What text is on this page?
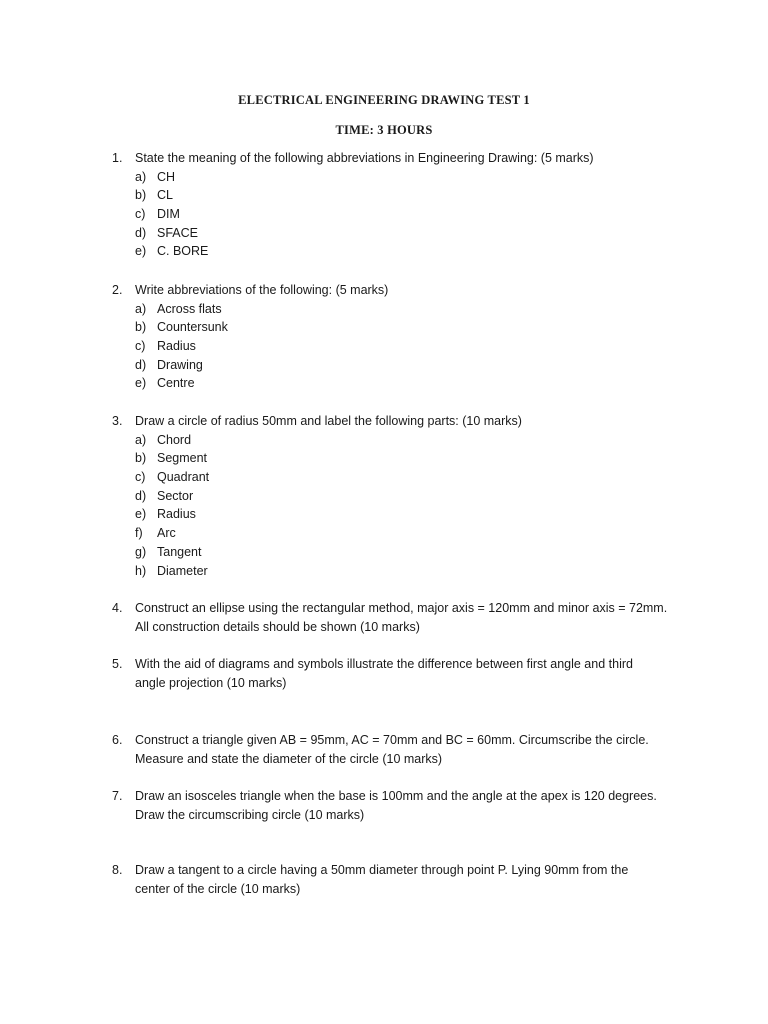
ELECTRICAL ENGINEERING DRAWING TEST 1
TIME: 3 HOURS
1. State the meaning of the following abbreviations in Engineering Drawing: (5 marks)
a) CH
b) CL
c) DIM
d) SFACE
e) C. BORE
2. Write abbreviations of the following: (5 marks)
a) Across flats
b) Countersunk
c) Radius
d) Drawing
e) Centre
3. Draw a circle of radius 50mm and label the following parts: (10 marks)
a) Chord
b) Segment
c) Quadrant
d) Sector
e) Radius
f) Arc
g) Tangent
h) Diameter
4. Construct an ellipse using the rectangular method, major axis = 120mm and minor axis = 72mm.
All construction details should be shown (10 marks)
5. With the aid of diagrams and symbols illustrate the difference between first angle and third
angle projection (10 marks)
6. Construct a triangle given AB = 95mm, AC = 70mm and BC = 60mm. Circumscribe the circle.
Measure and state the diameter of the circle (10 marks)
7. Draw an isosceles triangle when the base is 100mm and the angle at the apex is 120 degrees.
Draw the circumscribing circle (10 marks)
8. Draw a tangent to a circle having a 50mm diameter through point P. Lying 90mm from the
center of the circle (10 marks)
